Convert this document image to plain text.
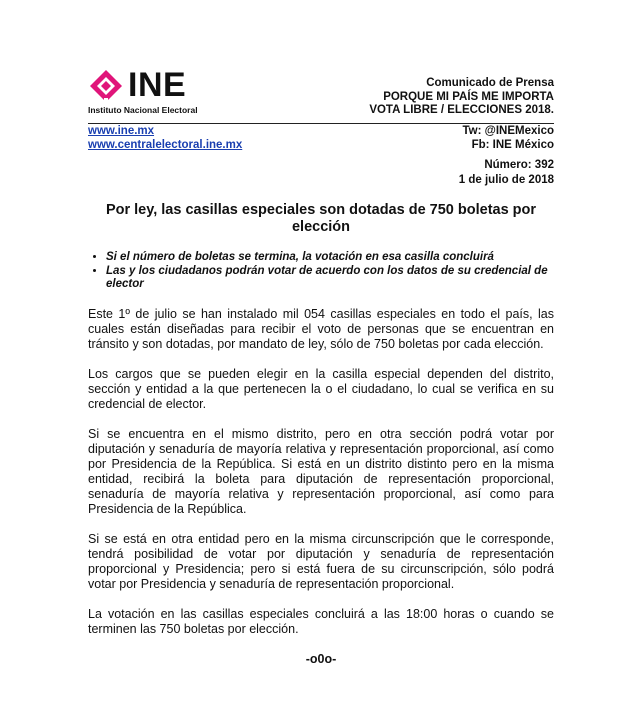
INE
Instituto Nacional Electoral
Comunicado de Prensa
PORQUE MI PAÍS ME IMPORTA
VOTA LIBRE / ELECCIONES 2018.
www.ine.mx
www.centralelectoral.ine.mx
Tw: @INEMexico
Fb: INE México
Número: 392
1 de julio de 2018
Por ley, las casillas especiales son dotadas de 750 boletas por elección
• Si el número de boletas se termina, la votación en esa casilla concluirá
• Las y los ciudadanos podrán votar de acuerdo con los datos de su credencial de elector

Este 1º de julio se han instalado mil 054 casillas especiales en todo el país, las cuales están diseñadas para recibir el voto de personas que se encuentran en tránsito y son dotadas, por mandato de ley, sólo de 750 boletas por cada elección.

Los cargos que se pueden elegir en la casilla especial dependen del distrito, sección y entidad a la que pertenecen la o el ciudadano, lo cual se verifica en su credencial de elector.

Si se encuentra en el mismo distrito, pero en otra sección podrá votar por diputación y senaduría de mayoría relativa y representación proporcional, así como por Presidencia de la República. Si está en un distrito distinto pero en la misma entidad, recibirá la boleta para diputación de representación proporcional, senaduría de mayoría relativa y representación proporcional, así como para Presidencia de la República.

Si se está en otra entidad pero en la misma circunscripción que le corresponde, tendrá posibilidad de votar por diputación y senaduría de representación proporcional y Presidencia; pero si está fuera de su circunscripción, sólo podrá votar por Presidencia y senaduría de representación proporcional.

La votación en las casillas especiales concluirá a las 18:00 horas o cuando se terminen las 750 boletas por elección.

-o0o-
